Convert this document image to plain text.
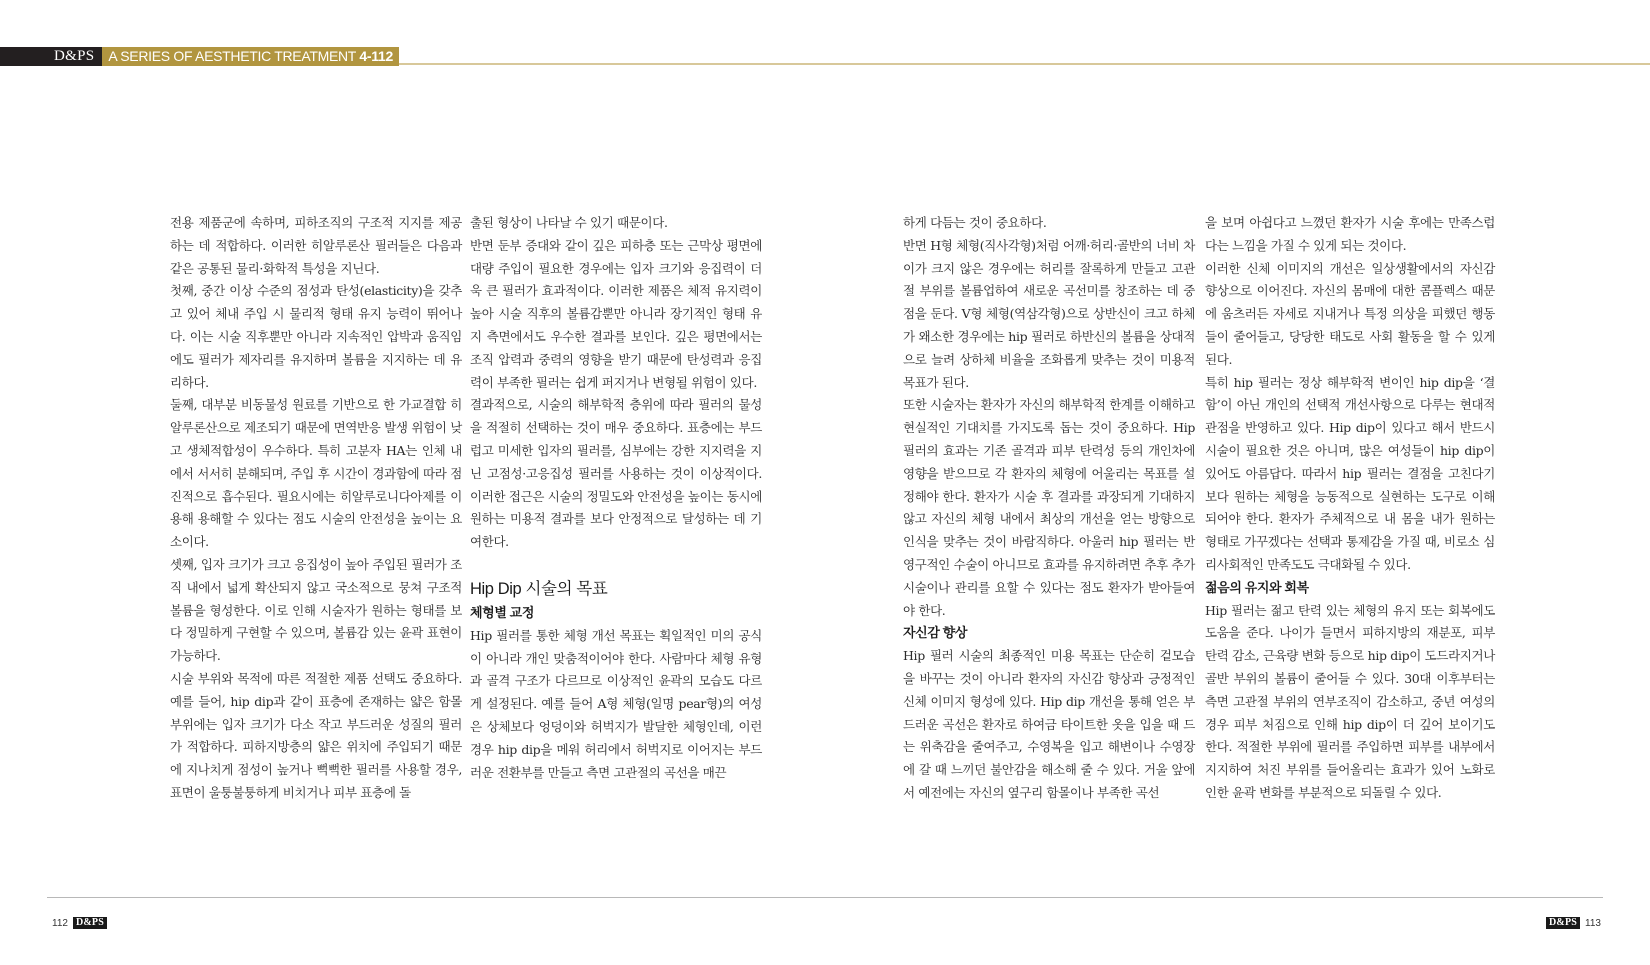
D&PS	A SERIES OF AESTHETIC TREATMENT 4-112

전용 제품군에 속하며, 피하조직의 구조적 지지를 제공하는 데 적합하다. 이러한 히알루론산 필러들은 다음과 같은 공통된 물리·화학적 특성을 지닌다.

첫째, 중간 이상 수준의 점성과 탄성(elasticity)을 갖추고 있어 체내 주입 시 물리적 형태 유지 능력이 뛰어나다. 이는 시술 직후뿐만 아니라 지속적인 압박과 움직임에도 필러가 제자리를 유지하며 볼륨을 지지하는 데 유리하다.

둘째, 대부분 비동물성 원료를 기반으로 한 가교결합 히알루론산으로 제조되기 때문에 면역반응 발생 위험이 낮고 생체적합성이 우수하다. 특히 고분자 HA는 인체 내에서 서서히 분해되며, 주입 후 시간이 경과함에 따라 점진적으로 흡수된다. 필요시에는 히알루로니다아제를 이용해 용해할 수 있다는 점도 시술의 안전성을 높이는 요소이다.

셋째, 입자 크기가 크고 응집성이 높아 주입된 필러가 조직 내에서 넓게 확산되지 않고 국소적으로 뭉쳐 구조적 볼륨을 형성한다. 이로 인해 시술자가 원하는 형태를 보다 정밀하게 구현할 수 있으며, 볼륨감 있는 윤곽 표현이 가능하다.

시술 부위와 목적에 따른 적절한 제품 선택도 중요하다. 예를 들어, hip dip과 같이 표층에 존재하는 얇은 함몰 부위에는 입자 크기가 다소 작고 부드러운 성질의 필러가 적합하다. 피하지방층의 얇은 위치에 주입되기 때문에 지나치게 점성이 높거나 뻑뻑한 필러를 사용할 경우, 표면이 울퉁불퉁하게 비치거나 피부 표층에 돌

출된 형상이 나타날 수 있기 때문이다.

반면 둔부 증대와 같이 깊은 피하층 또는 근막상 평면에 대량 주입이 필요한 경우에는 입자 크기와 응집력이 더욱 큰 필러가 효과적이다. 이러한 제품은 체적 유지력이 높아 시술 직후의 볼륨감뿐만 아니라 장기적인 형태 유지 측면에서도 우수한 결과를 보인다. 깊은 평면에서는 조직 압력과 중력의 영향을 받기 때문에 탄성력과 응집력이 부족한 필러는 쉽게 퍼지거나 변형될 위험이 있다.

결과적으로, 시술의 해부학적 층위에 따라 필러의 물성을 적절히 선택하는 것이 매우 중요하다. 표층에는 부드럽고 미세한 입자의 필러를, 심부에는 강한 지지력을 지닌 고점성·고응집성 필러를 사용하는 것이 이상적이다. 이러한 접근은 시술의 정밀도와 안전성을 높이는 동시에 원하는 미용적 결과를 보다 안정적으로 달성하는 데 기여한다.

Hip Dip 시술의 목표
체형별 교정

Hip 필러를 통한 체형 개선 목표는 획일적인 미의 공식이 아니라 개인 맞춤적이어야 한다. 사람마다 체형 유형과 골격 구조가 다르므로 이상적인 윤곽의 모습도 다르게 설정된다. 예를 들어 A형 체형(일명 pear형)의 여성은 상체보다 엉덩이와 허벅지가 발달한 체형인데, 이런 경우 hip dip을 메워 허리에서 허벅지로 이어지는 부드러운 전환부를 만들고 측면 고관절의 곡선을 매끈

하게 다듬는 것이 중요하다.

반면 H형 체형(직사각형)처럼 어깨·허리·골반의 너비 차이가 크지 않은 경우에는 허리를 잘록하게 만들고 고관절 부위를 볼륨업하여 새로운 곡선미를 창조하는 데 중점을 둔다. V형 체형(역삼각형)으로 상반신이 크고 하체가 왜소한 경우에는 hip 필러로 하반신의 볼륨을 상대적으로 늘려 상하체 비율을 조화롭게 맞추는 것이 미용적 목표가 된다.

또한 시술자는 환자가 자신의 해부학적 한계를 이해하고 현실적인 기대치를 가지도록 돕는 것이 중요하다. Hip 필러의 효과는 기존 골격과 피부 탄력성 등의 개인차에 영향을 받으므로 각 환자의 체형에 어울리는 목표를 설정해야 한다. 환자가 시술 후 결과를 과장되게 기대하지 않고 자신의 체형 내에서 최상의 개선을 얻는 방향으로 인식을 맞추는 것이 바람직하다. 아울러 hip 필러는 반영구적인 수술이 아니므로 효과를 유지하려면 추후 추가 시술이나 관리를 요할 수 있다는 점도 환자가 받아들여야 한다.

자신감 향상

Hip 필러 시술의 최종적인 미용 목표는 단순히 겉모습을 바꾸는 것이 아니라 환자의 자신감 향상과 긍정적인 신체 이미지 형성에 있다. Hip dip 개선을 통해 얻은 부드러운 곡선은 환자로 하여금 타이트한 옷을 입을 때 드는 위축감을 줄여주고, 수영복을 입고 해변이나 수영장에 갈 때 느끼던 불안감을 해소해 줄 수 있다. 거울 앞에서 예전에는 자신의 옆구리 함몰이나 부족한 곡선

을 보며 아쉽다고 느꼈던 환자가 시술 후에는 만족스럽다는 느낌을 가질 수 있게 되는 것이다.

이러한 신체 이미지의 개선은 일상생활에서의 자신감 향상으로 이어진다. 자신의 몸매에 대한 콤플렉스 때문에 움츠러든 자세로 지내거나 특정 의상을 피했던 행동들이 줄어들고, 당당한 태도로 사회 활동을 할 수 있게 된다.

특히 hip 필러는 정상 해부학적 변이인 hip dip을 ‘결함’이 아닌 개인의 선택적 개선사항으로 다루는 현대적 관점을 반영하고 있다. Hip dip이 있다고 해서 반드시 시술이 필요한 것은 아니며, 많은 여성들이 hip dip이 있어도 아름답다. 따라서 hip 필러는 결점을 고친다기보다 원하는 체형을 능동적으로 실현하는 도구로 이해되어야 한다. 환자가 주체적으로 내 몸을 내가 원하는 형태로 가꾸겠다는 선택과 통제감을 가질 때, 비로소 심리사회적인 만족도도 극대화될 수 있다.

젊음의 유지와 회복

Hip 필러는 젊고 탄력 있는 체형의 유지 또는 회복에도 도움을 준다. 나이가 들면서 피하지방의 재분포, 피부 탄력 감소, 근육량 변화 등으로 hip dip이 도드라지거나 골반 부위의 볼륨이 줄어들 수 있다. 30대 이후부터는 측면 고관절 부위의 연부조직이 감소하고, 중년 여성의 경우 피부 처짐으로 인해 hip dip이 더 깊어 보이기도 한다. 적절한 부위에 필러를 주입하면 피부를 내부에서 지지하여 처진 부위를 들어올리는 효과가 있어 노화로 인한 윤곽 변화를 부분적으로 되돌릴 수 있다.

112 D&PS	D&PS 113
